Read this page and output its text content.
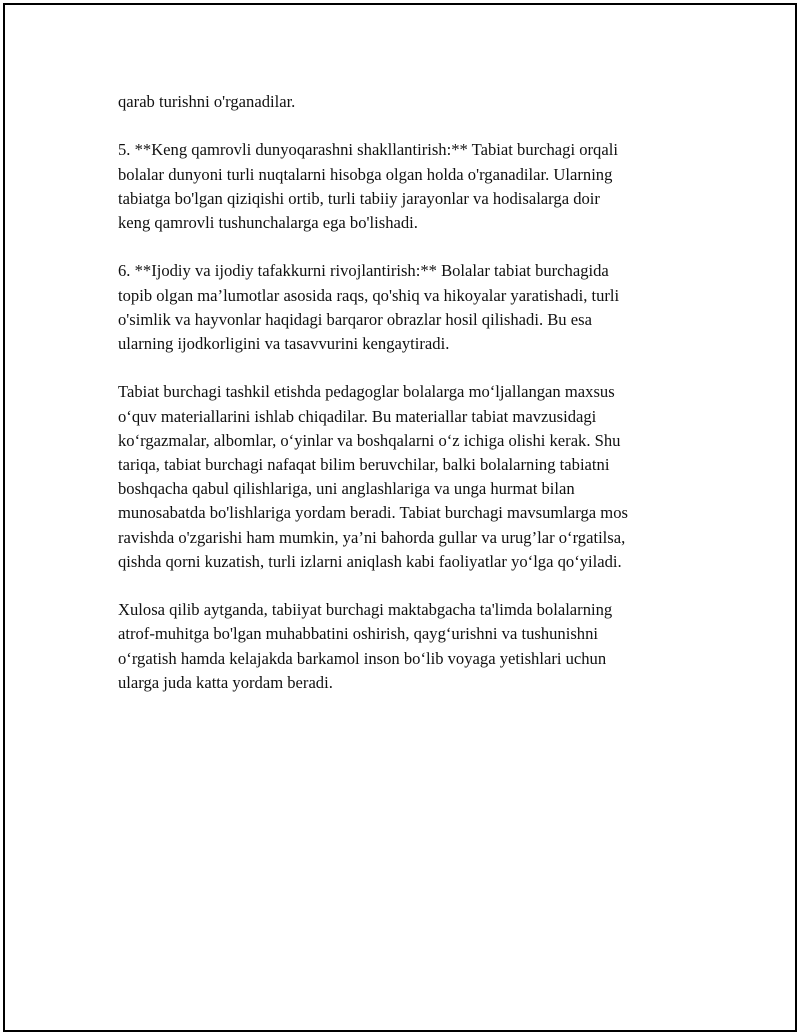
qarab turishni o'rganadilar.

5. **Keng qamrovli dunyoqarashni shakllantirish:** Tabiat burchagi orqali
bolalar dunyoni turli nuqtalarni hisobga olgan holda o'rganadilar. Ularning
tabiatga bo'lgan qiziqishi ortib, turli tabiiy jarayonlar va hodisalarga doir
keng qamrovli tushunchalarga ega bo'lishadi.

6. **Ijodiy va ijodiy tafakkurni rivojlantirish:** Bolalar tabiat burchagida
topib olgan ma’lumotlar asosida raqs, qo'shiq va hikoyalar yaratishadi, turli
o'simlik va hayvonlar haqidagi barqaror obrazlar hosil qilishadi. Bu esa
ularning ijodkorligini va tasavvurini kengaytiradi.

Tabiat burchagi tashkil etishda pedagoglar bolalarga mo‘ljallangan maxsus
o‘quv materiallarini ishlab chiqadilar. Bu materiallar tabiat mavzusidagi
ko‘rgazmalar, albomlar, o‘yinlar va boshqalarni o‘z ichiga olishi kerak. Shu
tariqa, tabiat burchagi nafaqat bilim beruvchilar, balki bolalarning tabiatni
boshqacha qabul qilishlariga, uni anglashlariga va unga hurmat bilan
munosabatda bo'lishlariga yordam beradi. Tabiat burchagi mavsumlarga mos
ravishda o'zgarishi ham mumkin, ya’ni bahorda gullar va urug’lar o‘rgatilsa,
qishda qorni kuzatish, turli izlarni aniqlash kabi faoliyatlar yo‘lga qo‘yiladi.

Xulosa qilib aytganda, tabiiyat burchagi maktabgacha ta'limda bolalarning
atrof-muhitga bo'lgan muhabbatini oshirish, qayg‘urishni va tushunishni
o‘rgatish hamda kelajakda barkamol inson bo‘lib voyaga yetishlari uchun
ularga juda katta yordam beradi.
